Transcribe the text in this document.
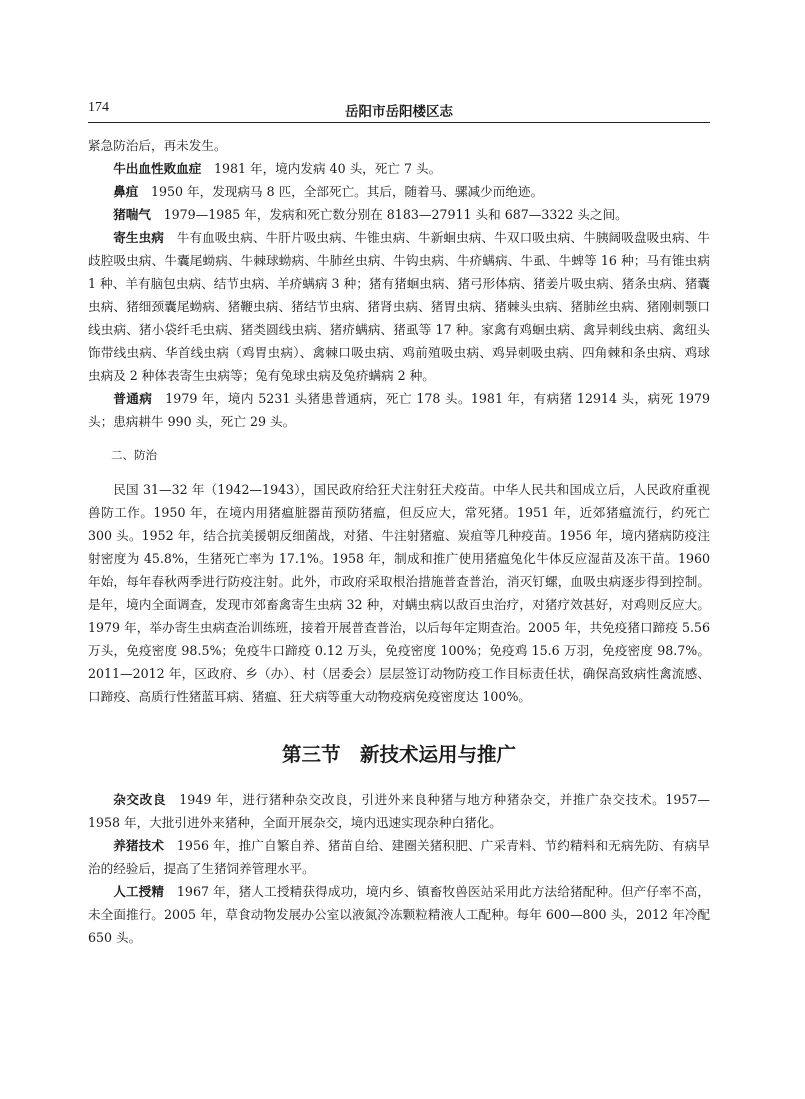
174	岳阳市岳阳楼区志

紧急防治后，再未发生。

牛出血性败血症　1981 年，境内发病 40 头，死亡 7 头。

鼻疽　1950 年，发现病马 8 匹，全部死亡。其后，随着马、骡减少而绝迹。

猪喘气　1979—1985 年，发病和死亡数分别在 8183—27911 头和 687—3322 头之间。

寄生虫病　牛有血吸虫病、牛肝片吸虫病、牛锥虫病、牛新蛔虫病、牛双口吸虫病、牛胰阔吸盘吸虫病、牛歧腔吸虫病、牛囊尾蚴病、牛棘球蚴病、牛肺丝虫病、牛钩虫病、牛疥螨病、牛虱、牛蜱等 16 种；马有锥虫病 1 种、羊有脑包虫病、结节虫病、羊疥螨病 3 种；猪有猪蛔虫病、猪弓形体病、猪姜片吸虫病、猪条虫病、猪囊虫病、猪细颈囊尾蚴病、猪鞭虫病、猪结节虫病、猪肾虫病、猪胃虫病、猪棘头虫病、猪肺丝虫病、猪刚刺颚口线虫病、猪小袋纤毛虫病、猪类圆线虫病、猪疥螨病、猪虱等 17 种。家禽有鸡蛔虫病、禽异刺线虫病、禽纽头饰带线虫病、华首线虫病（鸡胃虫病）、禽棘口吸虫病、鸡前殖吸虫病、鸡异刺吸虫病、四角棘和条虫病、鸡球虫病及 2 种体表寄生虫病等；兔有兔球虫病及兔疥螨病 2 种。

普通病　1979 年，境内 5231 头猪患普通病，死亡 178 头。1981 年，有病猪 12914 头，病死 1979 头；患病耕牛 990 头，死亡 29 头。

二、防治

民国 31—32 年（1942—1943），国民政府给狂犬注射狂犬疫苗。中华人民共和国成立后，人民政府重视兽防工作。1950 年，在境内用猪瘟脏器苗预防猪瘟，但反应大，常死猪。1951 年，近郊猪瘟流行，约死亡 300 头。1952 年，结合抗美援朝反细菌战，对猪、牛注射猪瘟、炭疽等几种疫苗。1956 年，境内猪病防疫注射密度为 45.8%，生猪死亡率为 17.1%。1958 年，制成和推广使用猪瘟兔化牛体反应湿苗及冻干苗。1960 年始，每年春秋两季进行防疫注射。此外，市政府采取根治措施普查普治，消灭钉螺，血吸虫病逐步得到控制。是年，境内全面调查，发现市郊畜禽寄生虫病 32 种，对螨虫病以敌百虫治疗，对猪疗效甚好，对鸡则反应大。1979 年，举办寄生虫病查治训练班，接着开展普查普治，以后每年定期查治。2005 年，共免疫猪口蹄疫 5.56 万头，免疫密度 98.5%；免疫牛口蹄疫 0.12 万头，免疫密度 100%；免疫鸡 15.6 万羽，免疫密度 98.7%。2011—2012 年，区政府、乡（办）、村（居委会）层层签订动物防疫工作目标责任状，确保高致病性禽流感、口蹄疫、高质行性猪蓝耳病、猪瘟、狂犬病等重大动物疫病免疫密度达 100%。

第三节　新技术运用与推广

杂交改良　1949 年，进行猪种杂交改良，引进外来良种猪与地方种猪杂交，并推广杂交技术。1957—1958 年，大批引进外来猪种，全面开展杂交，境内迅速实现杂种白猪化。

养猪技术　1956 年，推广自繁自养、猪苗自给、建圈关猪积肥、广采青料、节约精料和无病先防、有病早治的经验后，提高了生猪饲养管理水平。

人工授精　1967 年，猪人工授精获得成功，境内乡、镇畜牧兽医站采用此方法给猪配种。但产仔率不高，未全面推行。2005 年，草食动物发展办公室以液氮冷冻颗粒精液人工配种。每年 600—800 头，2012 年冷配 650 头。
